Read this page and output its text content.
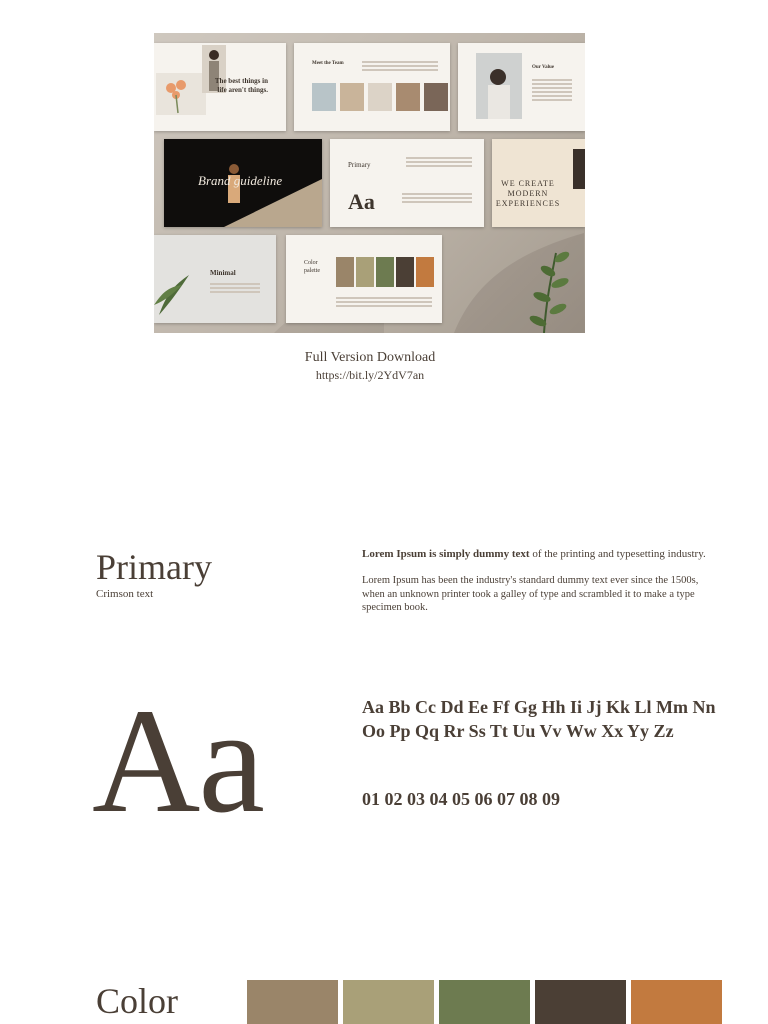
The best things in life aren't things.
Meet the Team
Our Value
Brand guideline
Primary
Aa
WE CREATE MODERN EXPERIENCES
Minimal
Color palette
Full Version Download
https://bit.ly/2YdV7an
Primary
Crimson text
Lorem Ipsum is simply dummy text of the printing and typesetting industry.
Lorem Ipsum has been the industry's standard dummy text ever since the 1500s, when an unknown printer took a galley of type and scrambled it to make a type specimen book.
Aa	Aa Bb Cc Dd Ee Ff Gg Hh Ii Jj Kk Ll Mm Nn Oo Pp Qq Rr Ss Tt Uu Vv Ww Xx Yy Zz
01 02 03 04 05 06 07 08 09
Color
